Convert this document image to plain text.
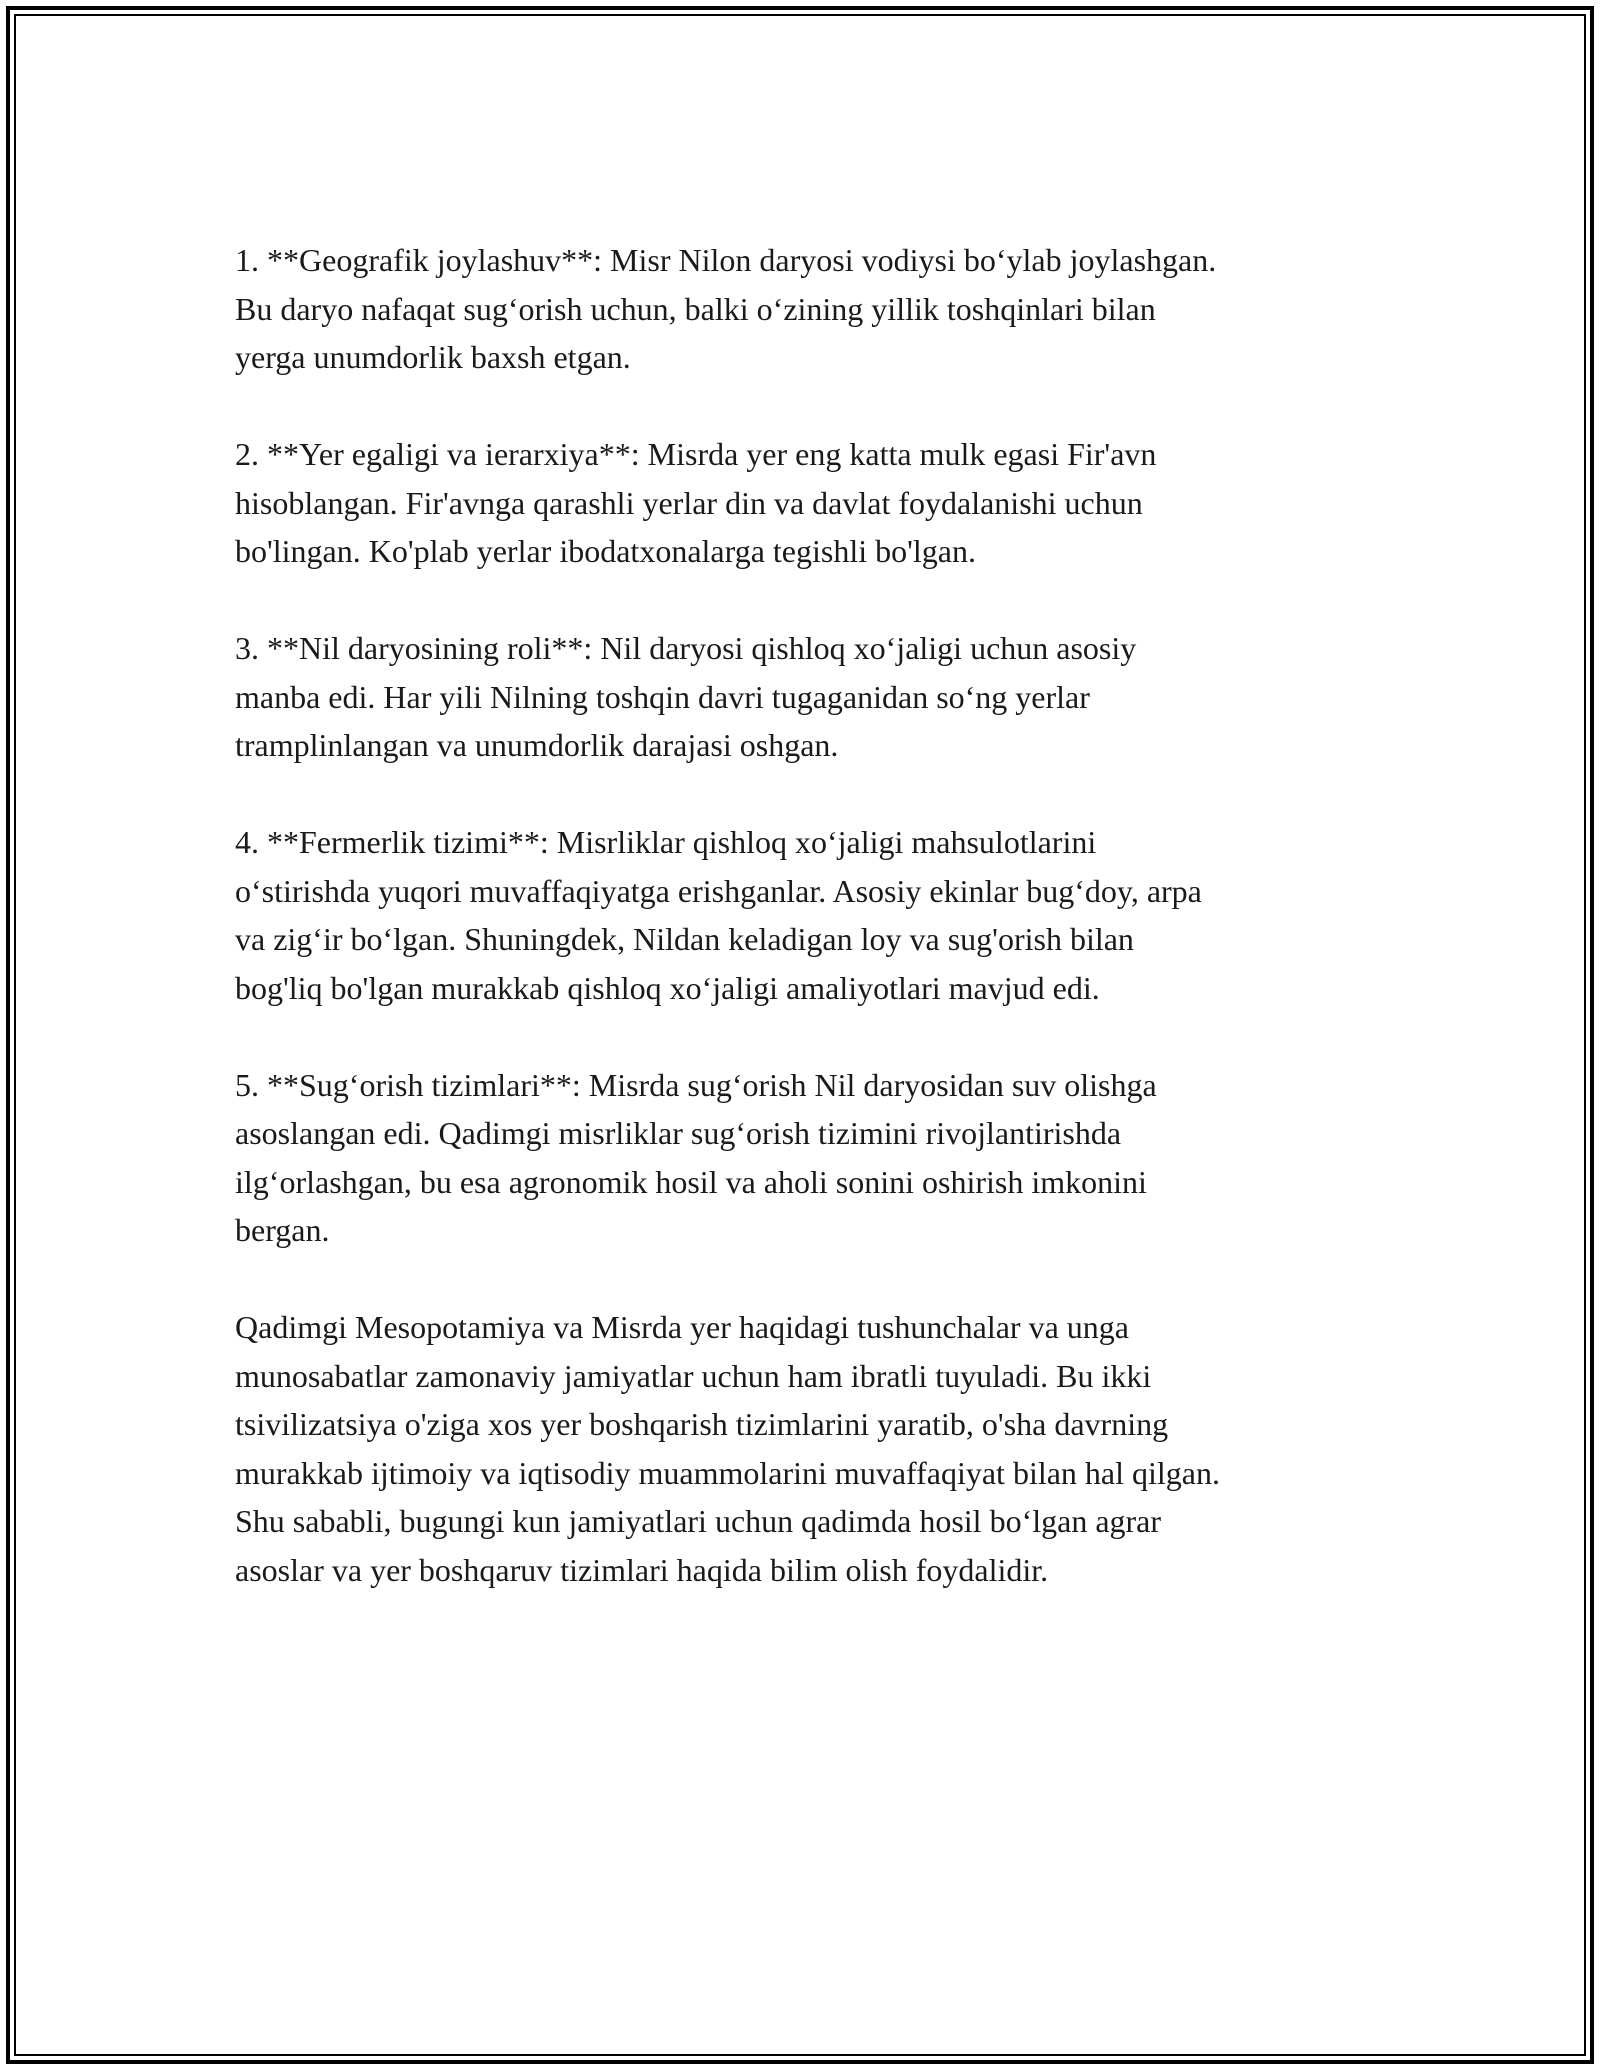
1. **Geografik joylashuv**: Misr Nilon daryosi vodiysi bo‘ylab joylashgan.
Bu daryo nafaqat sug‘orish uchun, balki o‘zining yillik toshqinlari bilan
yerga unumdorlik baxsh etgan.

2. **Yer egaligi va ierarxiya**: Misrda yer eng katta mulk egasi Fir'avn
hisoblangan. Fir'avnga qarashli yerlar din va davlat foydalanishi uchun
bo'lingan. Ko'plab yerlar ibodatxonalarga tegishli bo'lgan.

3. **Nil daryosining roli**: Nil daryosi qishloq xo‘jaligi uchun asosiy
manba edi. Har yili Nilning toshqin davri tugaganidan so‘ng yerlar
tramplinlangan va unumdorlik darajasi oshgan.

4. **Fermerlik tizimi**: Misrliklar qishloq xo‘jaligi mahsulotlarini
o‘stirishda yuqori muvaffaqiyatga erishganlar. Asosiy ekinlar bug‘doy, arpa
va zig‘ir bo‘lgan. Shuningdek, Nildan keladigan loy va sug'orish bilan
bog'liq bo'lgan murakkab qishloq xo‘jaligi amaliyotlari mavjud edi.

5. **Sug‘orish tizimlari**: Misrda sug‘orish Nil daryosidan suv olishga
asoslangan edi. Qadimgi misrliklar sug‘orish tizimini rivojlantirishda
ilg‘orlashgan, bu esa agronomik hosil va aholi sonini oshirish imkonini
bergan.

Qadimgi Mesopotamiya va Misrda yer haqidagi tushunchalar va unga
munosabatlar zamonaviy jamiyatlar uchun ham ibratli tuyuladi. Bu ikki
tsivilizatsiya o'ziga xos yer boshqarish tizimlarini yaratib, o'sha davrning
murakkab ijtimoiy va iqtisodiy muammolarini muvaffaqiyat bilan hal qilgan.
Shu sababli, bugungi kun jamiyatlari uchun qadimda hosil bo‘lgan agrar
asoslar va yer boshqaruv tizimlari haqida bilim olish foydalidir.
